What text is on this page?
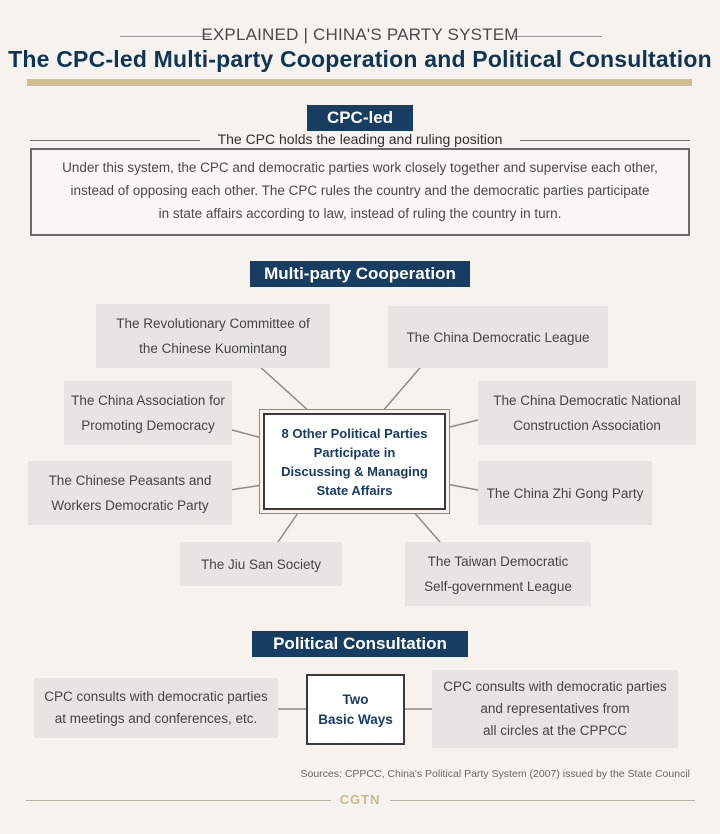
EXPLAINED | CHINA'S PARTY SYSTEM
The CPC-led Multi-party Cooperation and Political Consultation
CPC-led
The CPC holds the leading and ruling position
Under this system, the CPC and democratic parties work closely together and supervise each other,
instead of opposing each other. The CPC rules the country and the democratic parties participate
in state affairs according to law, instead of ruling the country in turn.
Multi-party Cooperation
The Revolutionary Committee of
the Chinese Kuomintang
The China Democratic League
The China Association for
Promoting Democracy
The China Democratic National
Construction Association
The Chinese Peasants and
Workers Democratic Party
The China Zhi Gong Party
The Jiu San Society	The Taiwan Democratic
Self-government League
8 Other Political Parties
Participate in
Discussing & Managing
State Affairs
Political Consultation
CPC consults with democratic parties
at meetings and conferences, etc.
Two
Basic Ways
CPC consults with democratic parties
and representatives from
all circles at the CPPCC
Sources: CPPCC, China's Political Party System (2007) issued by the State Council
CGTN
